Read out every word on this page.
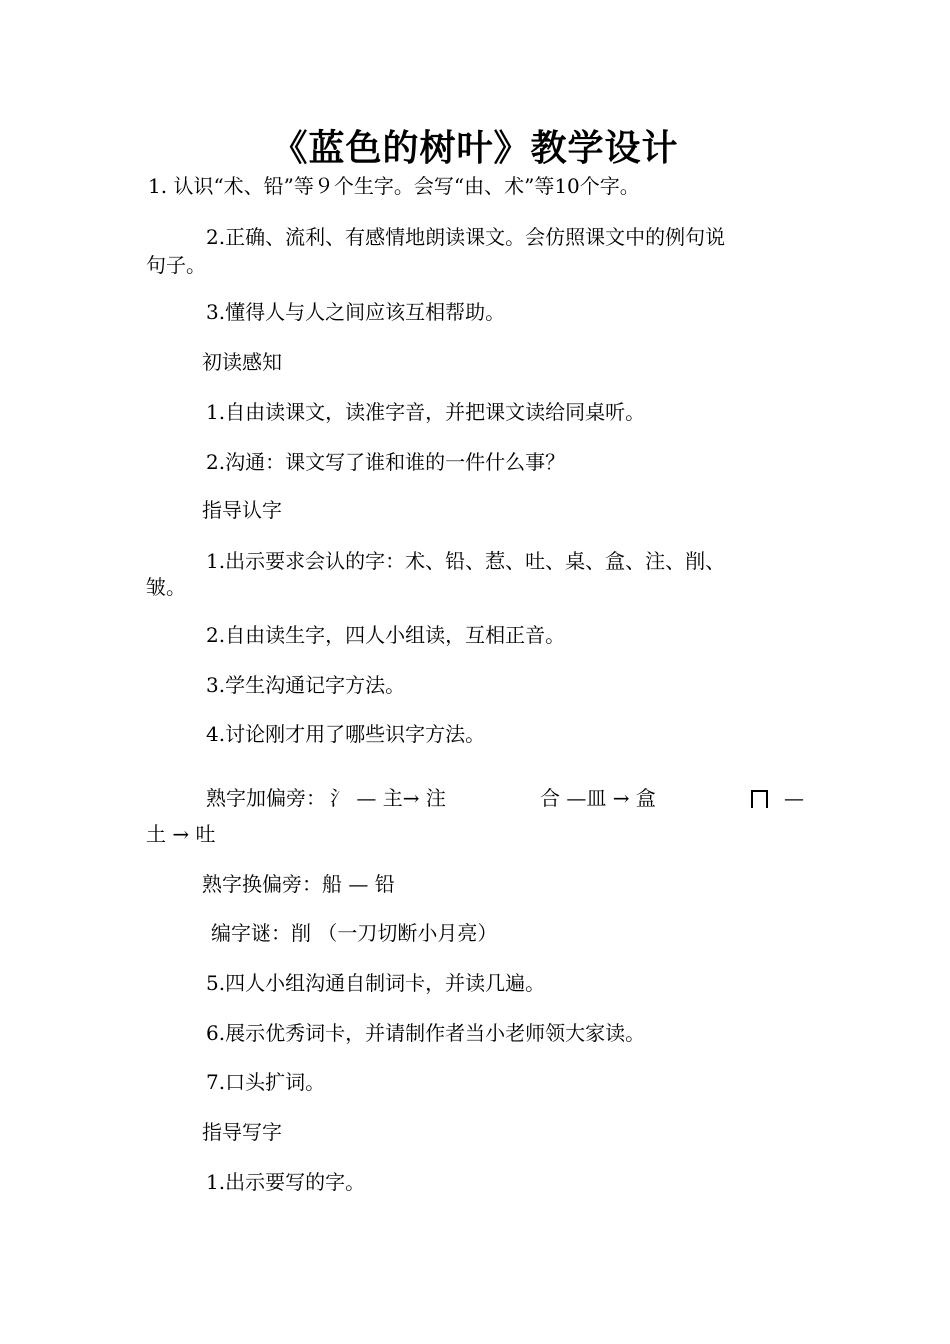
《蓝色的树叶》教学设计

1. 认识“术、铅”等９个生字。会写“由、术”等10个字。

2.正确、流利、有感情地朗读课文。会仿照课文中的例句说

句子。

3.懂得人与人之间应该互相帮助。

初读感知

1.自由读课文，读准字音，并把课文读给同桌听。

2.沟通：课文写了谁和谁的一件什么事？

指导认字

1.出示要求会认的字：术、铅、惹、吐、桌、盒、注、削、

皱。

2.自由读生字，四人小组读，互相正音。

3.学生沟通记字方法。

4.讨论刚才用了哪些识字方法。

熟字加偏旁： 氵 — 主→ 注	合 —皿 → 盒	—
土 → 吐

熟字换偏旁：船 — 铅

编字谜：削 （一刀切断小月亮）

5.四人小组沟通自制词卡，并读几遍。

6.展示优秀词卡，并请制作者当小老师领大家读。

7.口头扩词。

指导写字

1.出示要写的字。
